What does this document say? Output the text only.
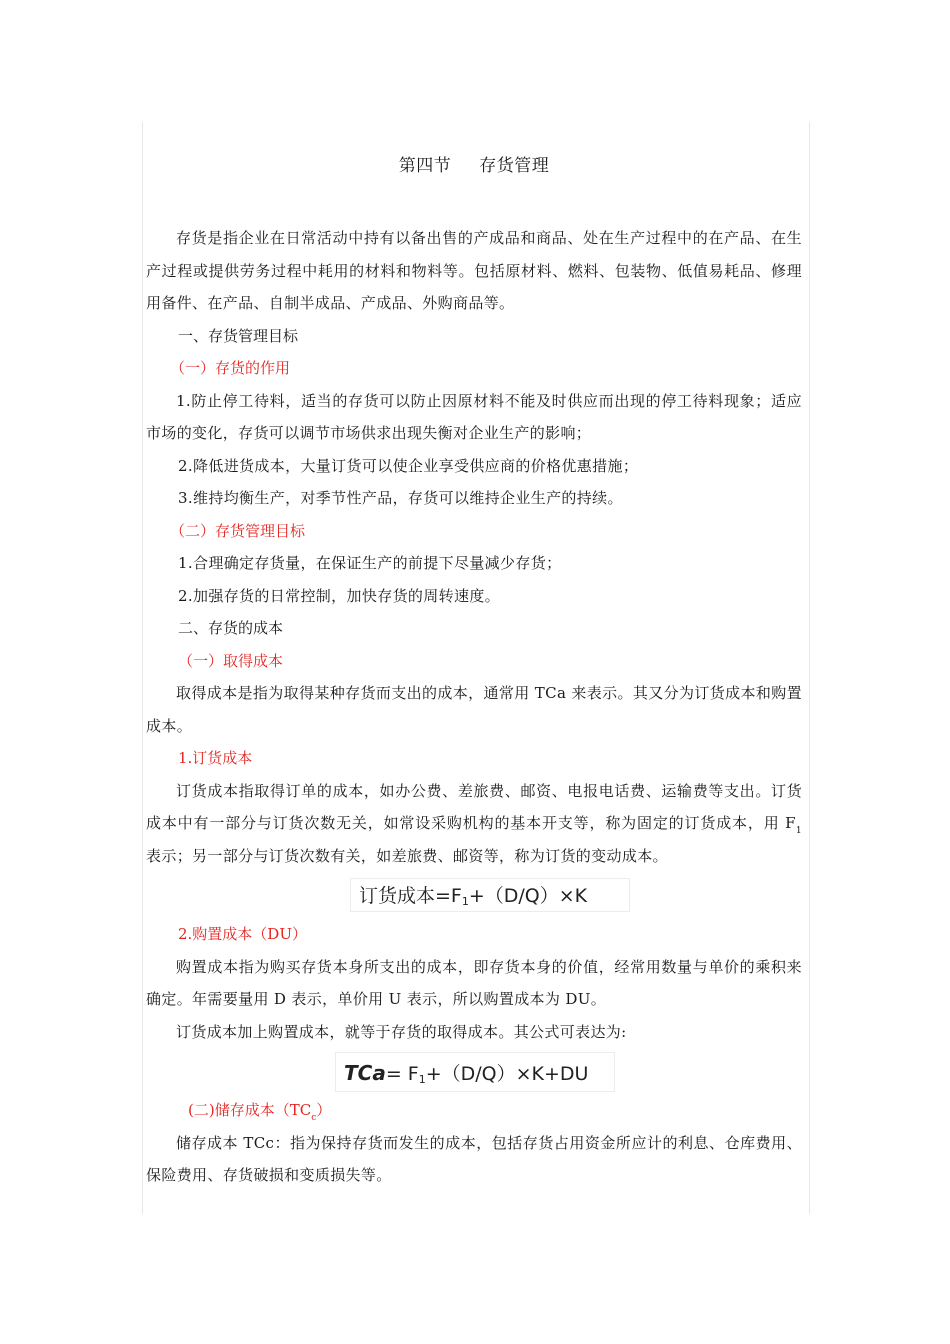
第四节 存货管理

存货是指企业在日常活动中持有以备出售的产成品和商品、处在生产过程中的在产品、在生产过程或提供劳务过程中耗用的材料和物料等。包括原材料、燃料、包装物、低值易耗品、修理用备件、在产品、自制半成品、产成品、外购商品等。

一、存货管理目标

（一）存货的作用

1.防止停工待料，适当的存货可以防止因原材料不能及时供应而出现的停工待料现象；适应市场的变化，存货可以调节市场供求出现失衡对企业生产的影响；

2.降低进货成本，大量订货可以使企业享受供应商的价格优惠措施；

3.维持均衡生产，对季节性产品，存货可以维持企业生产的持续。

（二）存货管理目标

1.合理确定存货量，在保证生产的前提下尽量减少存货；

2.加强存货的日常控制，加快存货的周转速度。

二、存货的成本

（一）取得成本

取得成本是指为取得某种存货而支出的成本，通常用 TCa 来表示。其又分为订货成本和购置成本。

1.订货成本

订货成本指取得订单的成本，如办公费、差旅费、邮资、电报电话费、运输费等支出。订货成本中有一部分与订货次数无关，如常设采购机构的基本开支等，称为固定的订货成本，用 $F_1$ 表示；另一部分与订货次数有关，如差旅费、邮资等，称为订货的变动成本。

订货成本=F1+（D/Q）×K

2.购置成本（DU）

购置成本指为购买存货本身所支出的成本，即存货本身的价值，经常用数量与单价的乘积来确定。年需要量用 D 表示，单价用 U 表示，所以购置成本为 DU。

订货成本加上购置成本，就等于存货的取得成本。其公式可表达为:

TCa= F1+（D/Q）×K+DU

(二)储存成本$(TC_c)$

储存成本 TCc：指为保持存货而发生的成本，包括存货占用资金所应计的利息、仓库费用、保险费用、存货破损和变质损失等。
